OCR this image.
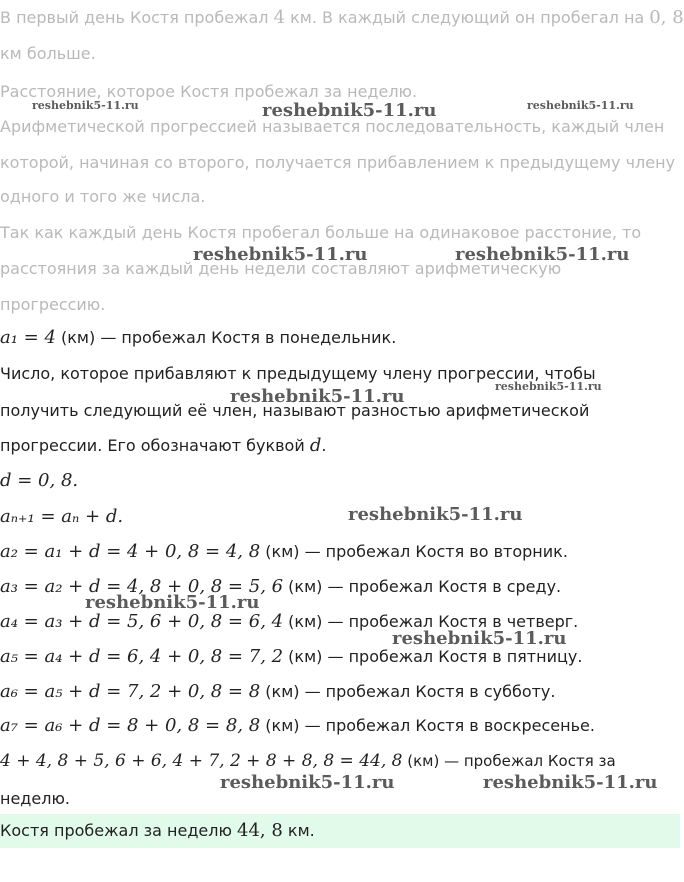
В первый день Костя пробежал 4 км. В каждый следующий он пробегал на 0, 8
км больше.
Расстояние, которое Костя пробежал за неделю.
Арифметической прогрессией называется последовательность, каждый член
которой, начиная со второго, получается прибавлением к предыдущему члену
одного и того же числа.
Так как каждый день Костя пробегал больше на одинаковое расстоние, то
расстояния за каждый день недели составляют арифметическую
прогрессию.
a₁ = 4 (км) — пробежал Костя в понедельник.
Число, которое прибавляют к предыдущему члену прогрессии, чтобы
получить следующий её член, называют разностью арифметической
прогрессии. Его обозначают буквой d.
d = 0, 8.
aₙ₊₁ = aₙ + d.
a₂ = a₁ + d = 4 + 0, 8 = 4, 8 (км) — пробежал Костя во вторник.
a₃ = a₂ + d = 4, 8 + 0, 8 = 5, 6 (км) — пробежал Костя в среду.
a₄ = a₃ + d = 5, 6 + 0, 8 = 6, 4 (км) — пробежал Костя в четверг.
a₅ = a₄ + d = 6, 4 + 0, 8 = 7, 2 (км) — пробежал Костя в пятницу.
a₆ = a₅ + d = 7, 2 + 0, 8 = 8 (км) — пробежал Костя в субботу.
a₇ = a₆ + d = 8 + 0, 8 = 8, 8 (км) — пробежал Костя в воскресенье.
4 + 4, 8 + 5, 6 + 6, 4 + 7, 2 + 8 + 8, 8 = 44, 8 (км) — пробежал Костя за
неделю.
Костя пробежал за неделю 44, 8 км.
reshebnik5-11.ru	reshebnik5-11.ru	reshebnik5-11.ru
reshebnik5-11.ru	reshebnik5-11.ru
reshebnik5-11.ru	reshebnik5-11.ru
reshebnik5-11.ru
reshebnik5-11.ru
reshebnik5-11.ru
reshebnik5-11.ru	reshebnik5-11.ru
